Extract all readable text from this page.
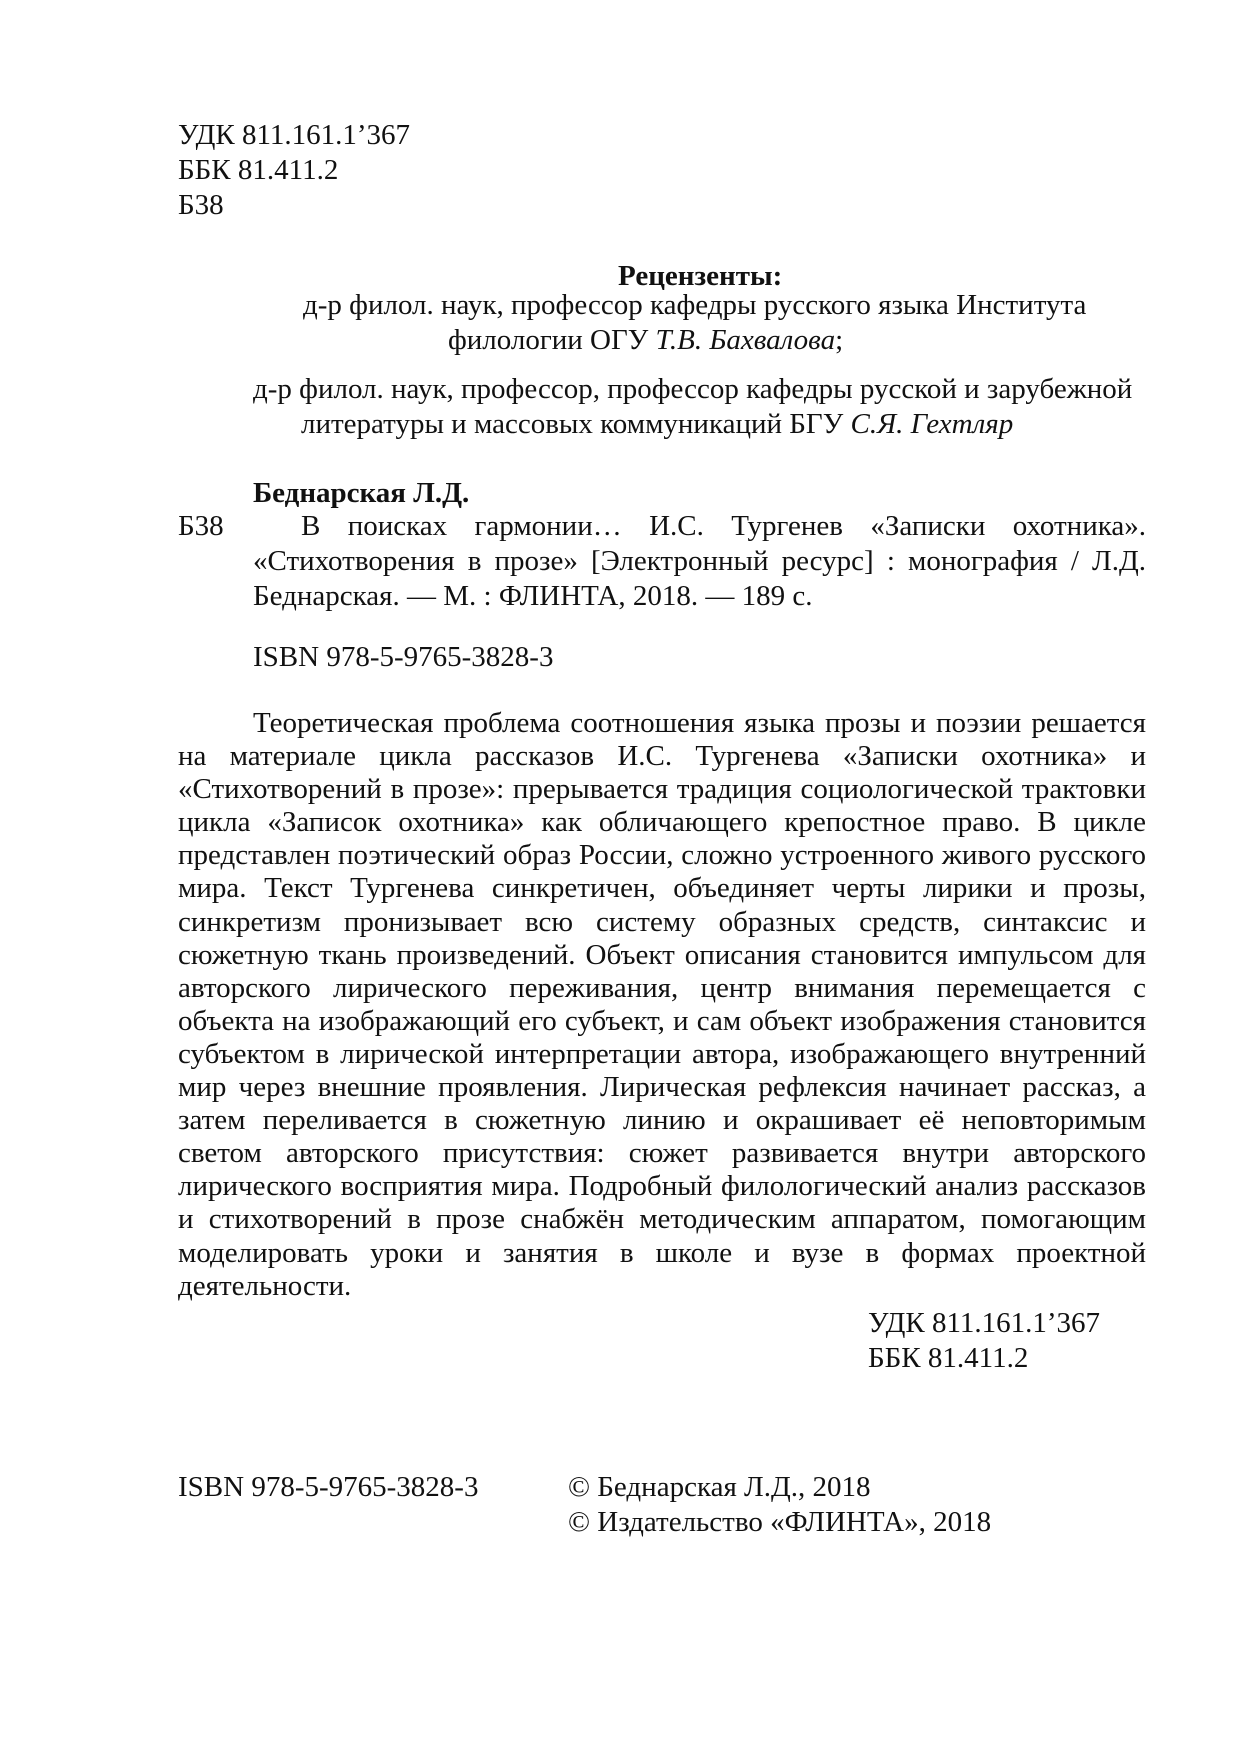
УДК 811.161.1’367
ББК 81.411.2
Б38
Рецензенты:
д-р филол. наук, профессор кафедры русского языка Института
филологии ОГУ Т.В. Бахвалова;
д-р филол. наук, профессор, профессор кафедры русской и зарубежной
литературы и массовых коммуникаций БГУ С.Я. Гехтляр
Беднарская Л.Д.
Б38	В поисках гармонии… И.С. Тургенев «Записки охотника». «Стихотворения в прозе» [Электронный ресурс] : монография / Л.Д. Беднарская. — М. : ФЛИНТА, 2018. — 189 с.

ISBN 978-5-9765-3828-3

Теоретическая проблема соотношения языка прозы и поэзии решается на материале цикла рассказов И.С. Тургенева «Записки охотника» и «Стихотворений в прозе»: прерывается традиция социологической трактовки цикла «Записок охотника» как обличающего крепостное право. В цикле представлен поэтический образ России, сложно устроенного живого русского мира. Текст Тургенева синкретичен, объединяет черты лирики и прозы, синкретизм пронизывает всю систему образных средств, синтаксис и сюжетную ткань произведений. Объект описания становится импульсом для авторского лирического переживания, центр внимания перемещается с объекта на изображающий его субъект, и сам объект изображения становится субъектом в лирической интерпретации автора, изображающего внутренний мир через внешние проявления. Лирическая рефлексия начинает рассказ, а затем переливается в сюжетную линию и окрашивает её неповторимым светом авторского присутствия: сюжет развивается внутри авторского лирического восприятия мира. Подробный филологический анализ рассказов и стихотворений в прозе снабжён методическим аппаратом, помогающим моделировать уроки и занятия в школе и вузе в формах проектной деятельности.

УДК 811.161.1’367
ББК 81.411.2
ISBN 978-5-9765-3828-3	© Беднарская Л.Д., 2018
© Издательство «ФЛИНТА», 2018
